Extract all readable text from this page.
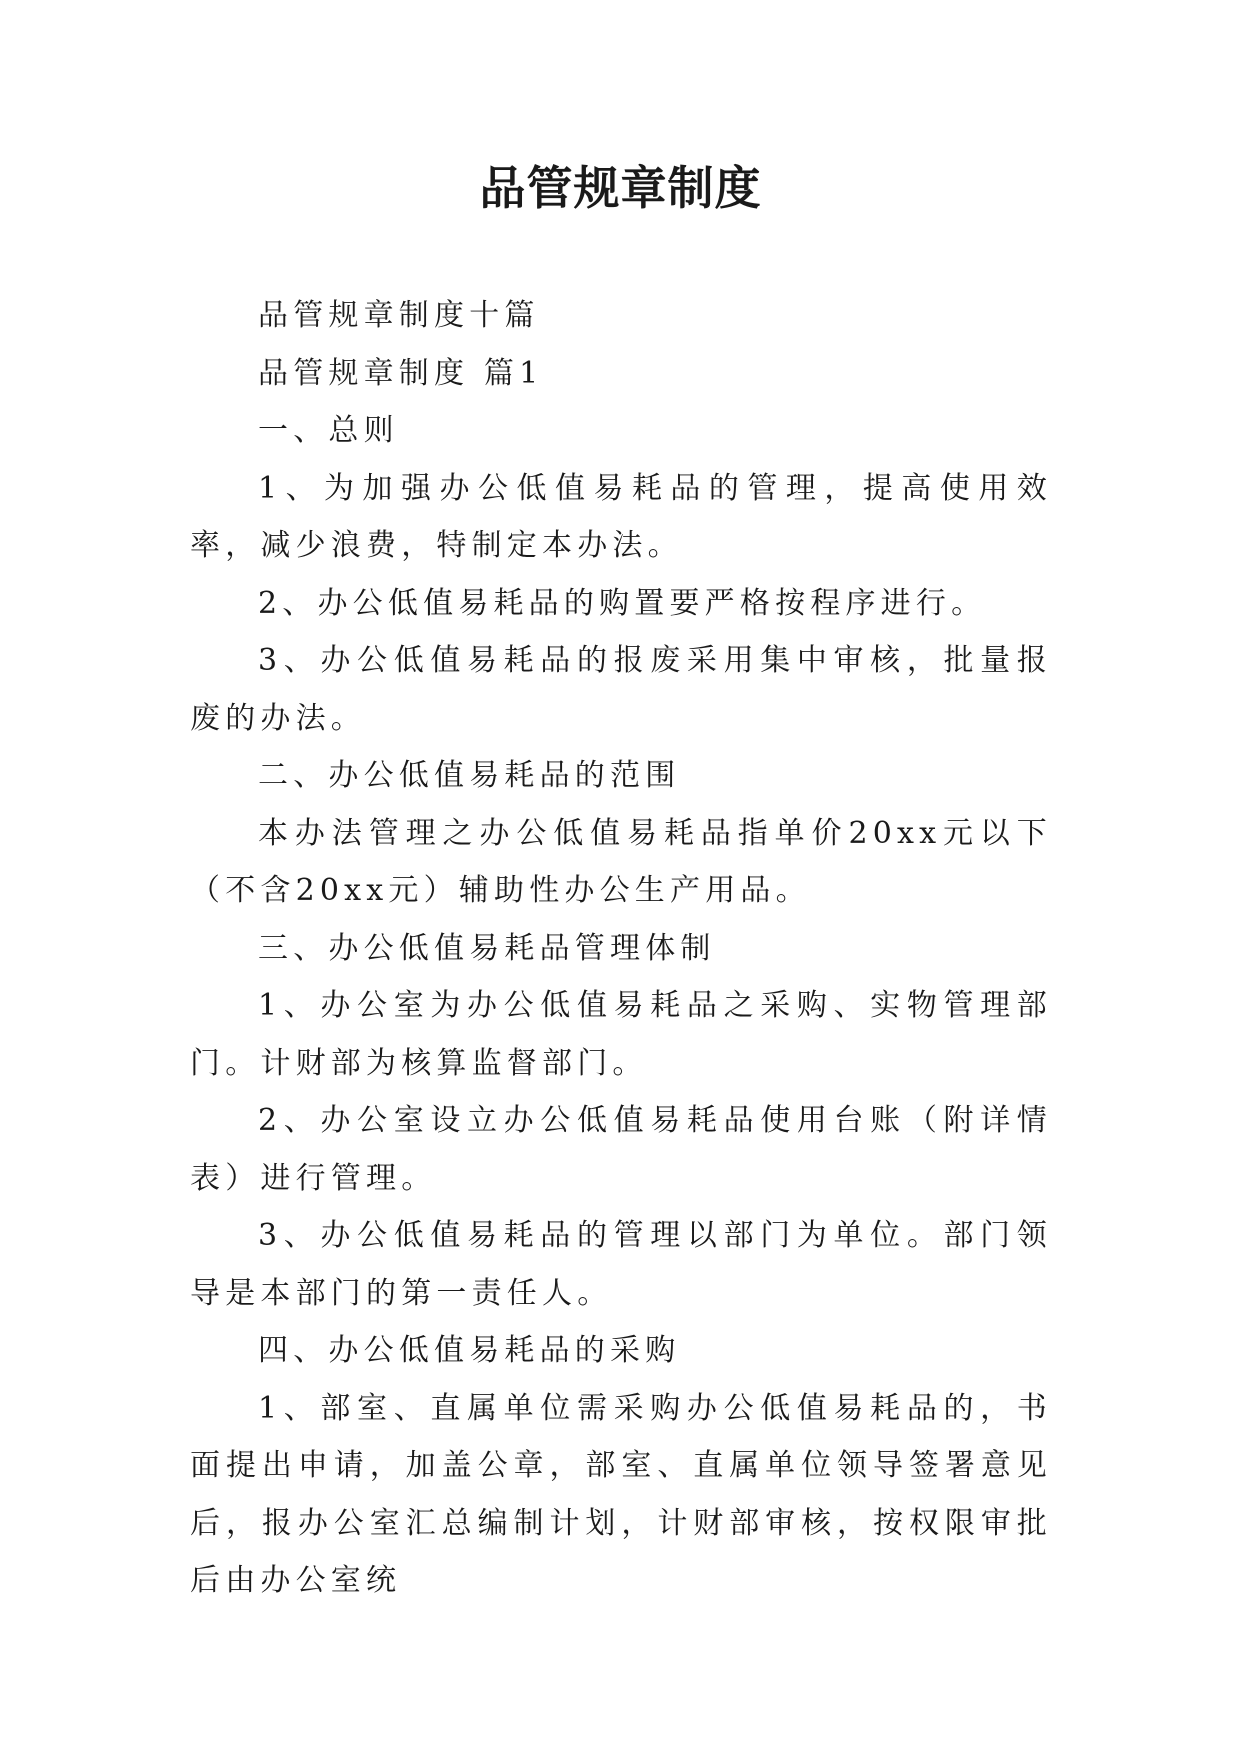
品管规章制度

品管规章制度十篇

品管规章制度 篇1

一、总则

1、为加强办公低值易耗品的管理，提高使用效率，减少浪费，特制定本办法。

2、办公低值易耗品的购置要严格按程序进行。

3、办公低值易耗品的报废采用集中审核，批量报废的办法。

二、办公低值易耗品的范围

本办法管理之办公低值易耗品指单价20xx元以下（不含20xx元）辅助性办公生产用品。

三、办公低值易耗品管理体制

1、办公室为办公低值易耗品之采购、实物管理部门。计财部为核算监督部门。

2、办公室设立办公低值易耗品使用台账（附详情表）进行管理。

3、办公低值易耗品的管理以部门为单位。部门领导是本部门的第一责任人。

四、办公低值易耗品的采购

1、部室、直属单位需采购办公低值易耗品的，书面提出申请，加盖公章，部室、直属单位领导签署意见后，报办公室汇总编制计划，计财部审核，按权限审批后由办公室统
